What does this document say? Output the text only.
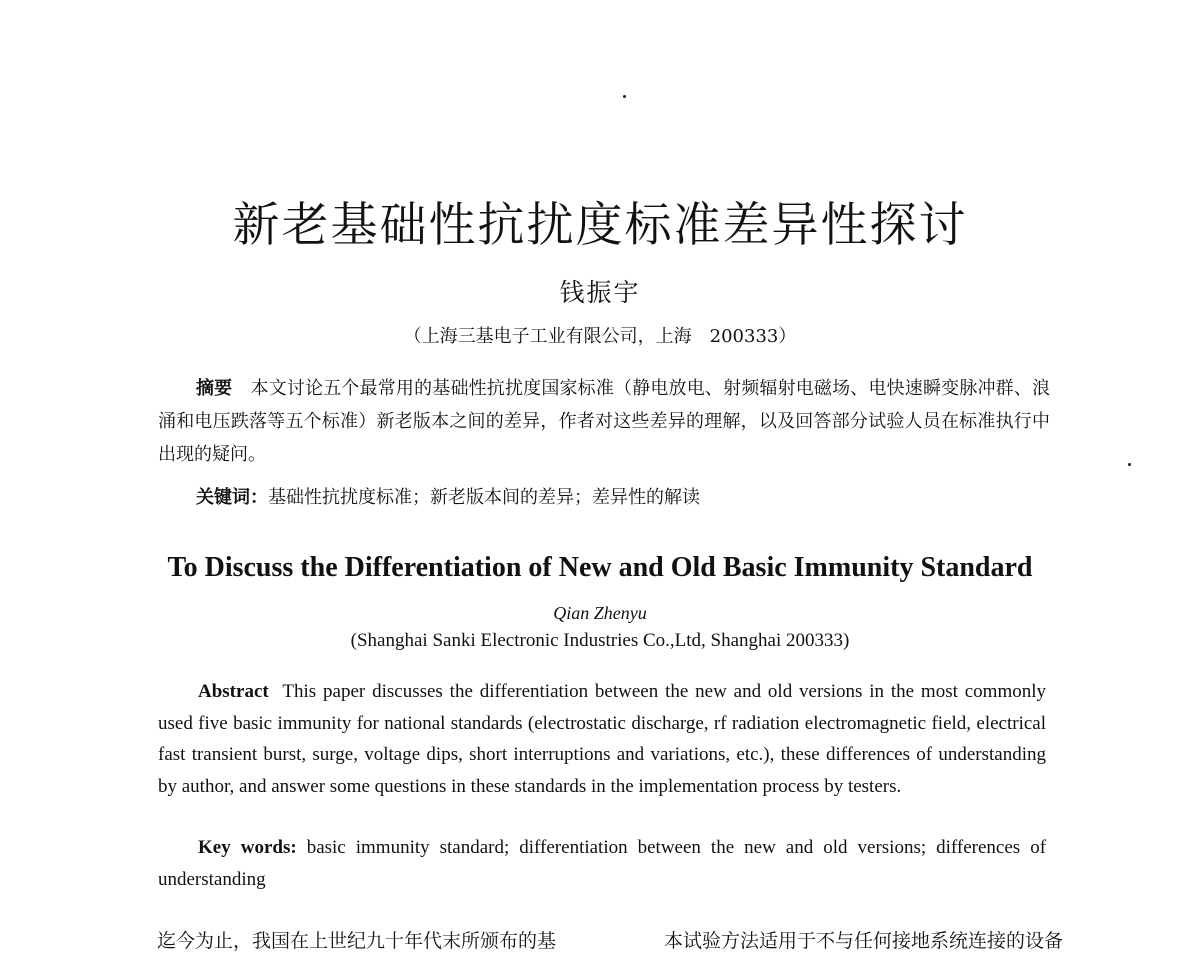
新老基础性抗扰度标准差异性探讨
钱振宇
（上海三基电子工业有限公司，上海　200333）

摘要　 本文讨论五个最常用的基础性抗扰度国家标准（静电放电、射频辐射电磁场、电快速瞬变脉冲群、浪涌和电压跌落等五个标准）新老版本之间的差异，作者对这些差异的理解，以及回答部分试验人员在标准执行中出现的疑问。

关键词：基础性抗扰度标准；新老版本间的差异；差异性的解读

To Discuss the Differentiation of New and Old Basic Immunity Standard
Qian Zhenyu
(Shanghai Sanki Electronic Industries Co.,Ltd, Shanghai 200333)

Abstract This paper discusses the differentiation between the new and old versions in the most commonly used five basic immunity for national standards (electrostatic discharge, rf radiation electromagnetic field, electrical fast transient burst, surge, voltage dips, short interruptions and variations, etc.), these differences of understanding by author, and answer some questions in these standards in the implementation process by testers.

Key words: basic immunity standard; differentiation between the new and old versions; differences of understanding

迄今为止，我国在上世纪九十年代末所颁布的基	本试验方法适用于不与任何接地系统连接的设备
